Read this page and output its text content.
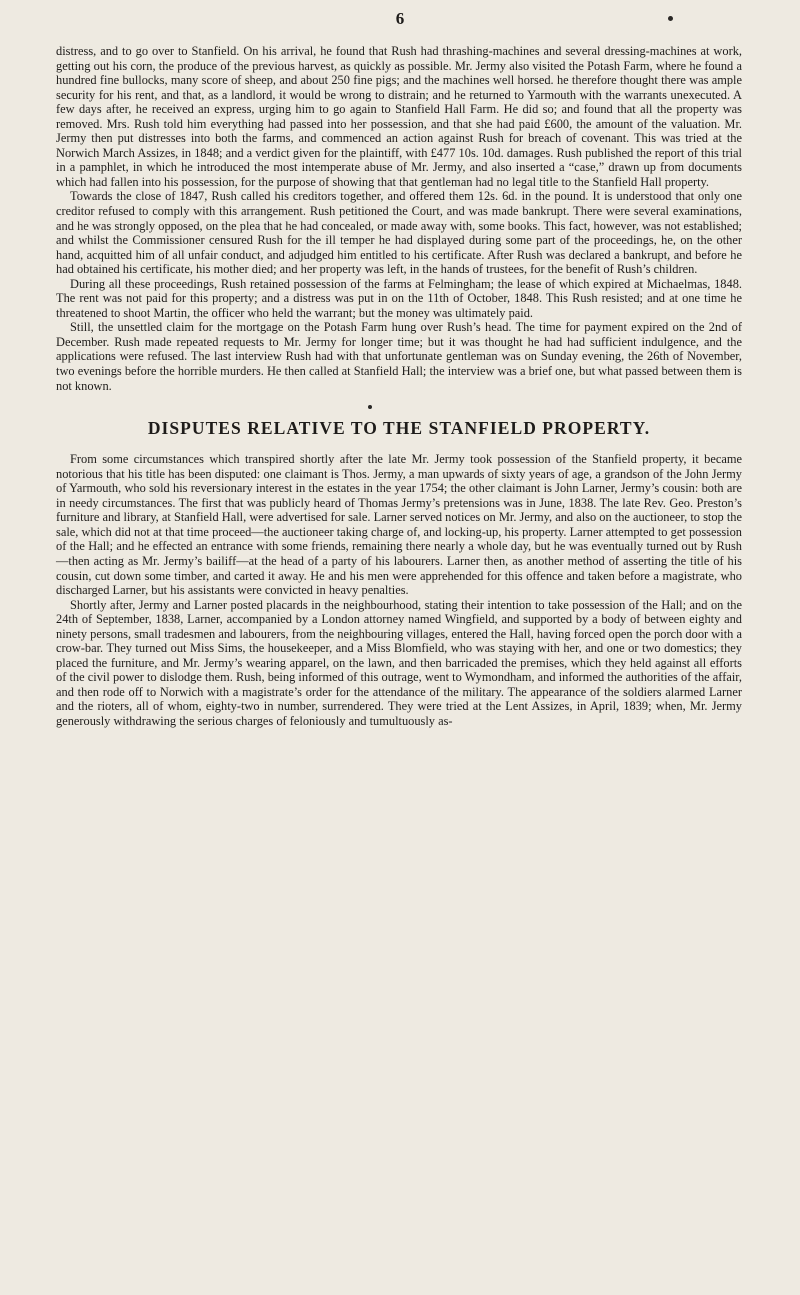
6

distress, and to go over to Stanfield. On his arrival, he found that Rush had thrashing-machines and several dressing-machines at work, getting out his corn, the produce of the previous harvest, as quickly as possible. Mr. Jermy also visited the Potash Farm, where he found a hundred fine bullocks, many score of sheep, and about 250 fine pigs; and the machines well horsed. he therefore thought there was ample security for his rent, and that, as a landlord, it would be wrong to distrain; and he returned to Yarmouth with the warrants unexecuted. A few days after, he received an express, urging him to go again to Stanfield Hall Farm. He did so; and found that all the property was removed. Mrs. Rush told him everything had passed into her possession, and that she had paid £600, the amount of the valuation. Mr. Jermy then put distresses into both the farms, and commenced an action against Rush for breach of covenant. This was tried at the Norwich March Assizes, in 1848; and a verdict given for the plaintiff, with £477 10s. 10d. damages. Rush published the report of this trial in a pamphlet, in which he introduced the most intemperate abuse of Mr. Jermy, and also inserted a “case,” drawn up from documents which had fallen into his possession, for the purpose of showing that that gentleman had no legal title to the Stanfield Hall property.

Towards the close of 1847, Rush called his creditors together, and offered them 12s. 6d. in the pound. It is understood that only one creditor refused to comply with this arrangement. Rush petitioned the Court, and was made bankrupt. There were several examinations, and he was strongly opposed, on the plea that he had concealed, or made away with, some books. This fact, however, was not established; and whilst the Commissioner censured Rush for the ill temper he had displayed during some part of the proceedings, he, on the other hand, acquitted him of all unfair conduct, and adjudged him entitled to his certificate. After Rush was declared a bankrupt, and before he had obtained his certificate, his mother died; and her property was left, in the hands of trustees, for the benefit of Rush’s children.

During all these proceedings, Rush retained possession of the farms at Felmingham; the lease of which expired at Michaelmas, 1848. The rent was not paid for this property; and a distress was put in on the 11th of October, 1848. This Rush resisted; and at one time he threatened to shoot Martin, the officer who held the warrant; but the money was ultimately paid.

Still, the unsettled claim for the mortgage on the Potash Farm hung over Rush’s head. The time for payment expired on the 2nd of December. Rush made repeated requests to Mr. Jermy for longer time; but it was thought he had had sufficient indulgence, and the applications were refused. The last interview Rush had with that unfortunate gentleman was on Sunday evening, the 26th of November, two evenings before the horrible murders. He then called at Stanfield Hall; the interview was a brief one, but what passed between them is not known.

DISPUTES RELATIVE TO THE STANFIELD PROPERTY.

From some circumstances which transpired shortly after the late Mr. Jermy took possession of the Stanfield property, it became notorious that his title has been disputed: one claimant is Thos. Jermy, a man upwards of sixty years of age, a grandson of the John Jermy of Yarmouth, who sold his reversionary interest in the estates in the year 1754; the other claimant is John Larner, Jermy’s cousin: both are in needy circumstances. The first that was publicly heard of Thomas Jermy’s pretensions was in June, 1838. The late Rev. Geo. Preston’s furniture and library, at Stanfield Hall, were advertised for sale. Larner served notices on Mr. Jermy, and also on the auctioneer, to stop the sale, which did not at that time proceed—the auctioneer taking charge of, and locking-up, his property. Larner attempted to get possession of the Hall; and he effected an entrance with some friends, remaining there nearly a whole day, but he was eventually turned out by Rush—then acting as Mr. Jermy’s bailiff—at the head of a party of his labourers. Larner then, as another method of asserting the title of his cousin, cut down some timber, and carted it away. He and his men were apprehended for this offence and taken before a magistrate, who discharged Larner, but his assistants were convicted in heavy penalties.

Shortly after, Jermy and Larner posted placards in the neighbourhood, stating their intention to take possession of the Hall; and on the 24th of September, 1838, Larner, accompanied by a London attorney named Wingfield, and supported by a body of between eighty and ninety persons, small tradesmen and labourers, from the neighbouring villages, entered the Hall, having forced open the porch door with a crow-bar. They turned out Miss Sims, the housekeeper, and a Miss Blomfield, who was staying with her, and one or two domestics; they placed the furniture, and Mr. Jermy’s wearing apparel, on the lawn, and then barricaded the premises, which they held against all efforts of the civil power to dislodge them. Rush, being informed of this outrage, went to Wymondham, and informed the authorities of the affair, and then rode off to Norwich with a magistrate’s order for the attendance of the military. The appearance of the soldiers alarmed Larner and the rioters, all of whom, eighty-two in number, surrendered. They were tried at the Lent Assizes, in April, 1839; when, Mr. Jermy generously withdrawing the serious charges of feloniously and tumultuously as-
